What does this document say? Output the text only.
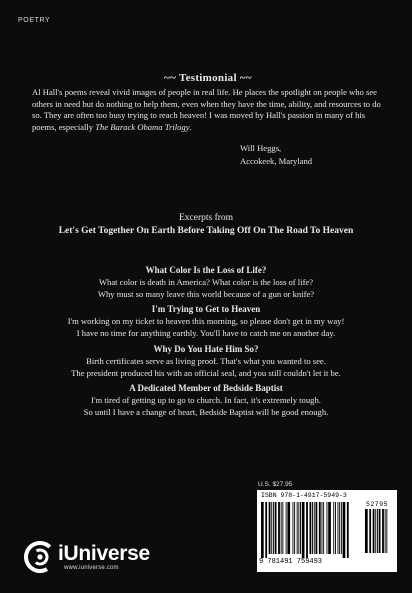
POETRY
~~ Testimonial ~~

Al Hall's poems reveal vivid images of people in real life. He places the spotlight on people who see others in need but do nothing to help them, even when they have the time, ability, and resources to do so. They are often too busy trying to reach heaven! I was moved by Hall's passion in many of his poems, especially The Barack Obama Trilogy.

Will Heggs,
Accokeek, Maryland
Excerpts from
Let's Get Together On Earth Before Taking Off On The Road To Heaven
What Color Is the Loss of Life?

What color is death in America? What color is the loss of life?

Why must so many leave this world because of a gun or knife?

I'm Trying to Get to Heaven

I'm working on my ticket to heaven this morning, so please don't get in my way!

I have no time for anything earthly. You'll have to catch me on another day.

Why Do You Hate Him So?

Birth certificates serve as living proof. That's what you wanted to see.

The president produced his with an official seal, and you still couldn't let it be.

A Dedicated Member of Bedside Baptist

I'm tired of getting up to go to church. In fact, it's extremely tough.

So until I have a change of heart, Bedside Baptist will be good enough.

U.S. $27.95
ISBN 978-1-4917-5949-3
52795
9 781491 759493
iUniverse
www.iuniverse.com
